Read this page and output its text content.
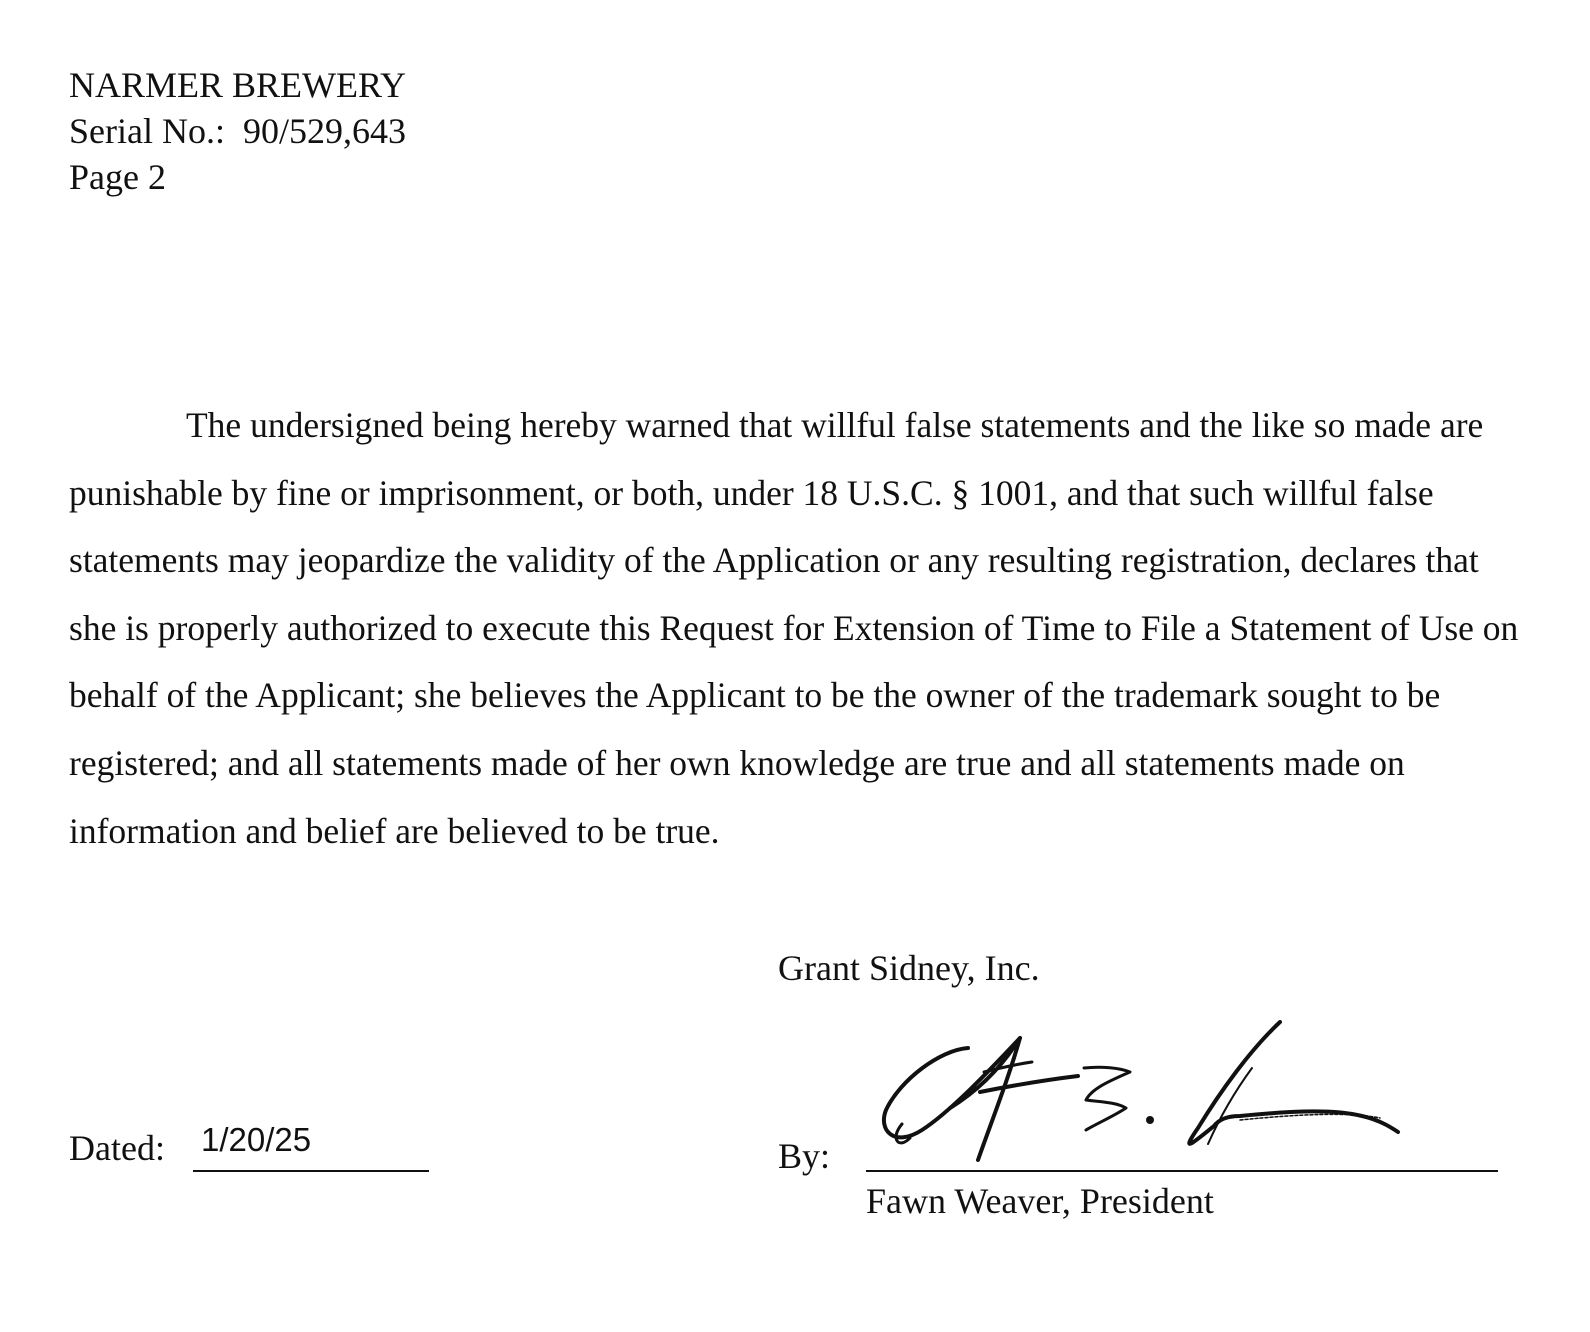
NARMER BREWERY
Serial No.: 90/529,643
Page 2

The undersigned being hereby warned that willful false statements and the like so made are punishable by fine or imprisonment, or both, under 18 U.S.C. § 1001, and that such willful false statements may jeopardize the validity of the Application or any resulting registration, declares that she is properly authorized to execute this Request for Extension of Time to File a Statement of Use on behalf of the Applicant; she believes the Applicant to be the owner of the trademark sought to be registered; and all statements made of her own knowledge are true and all statements made on information and belief are believed to be true.

Grant Sidney, Inc.
Dated: 1/20/25	By:
Fawn Weaver, President
